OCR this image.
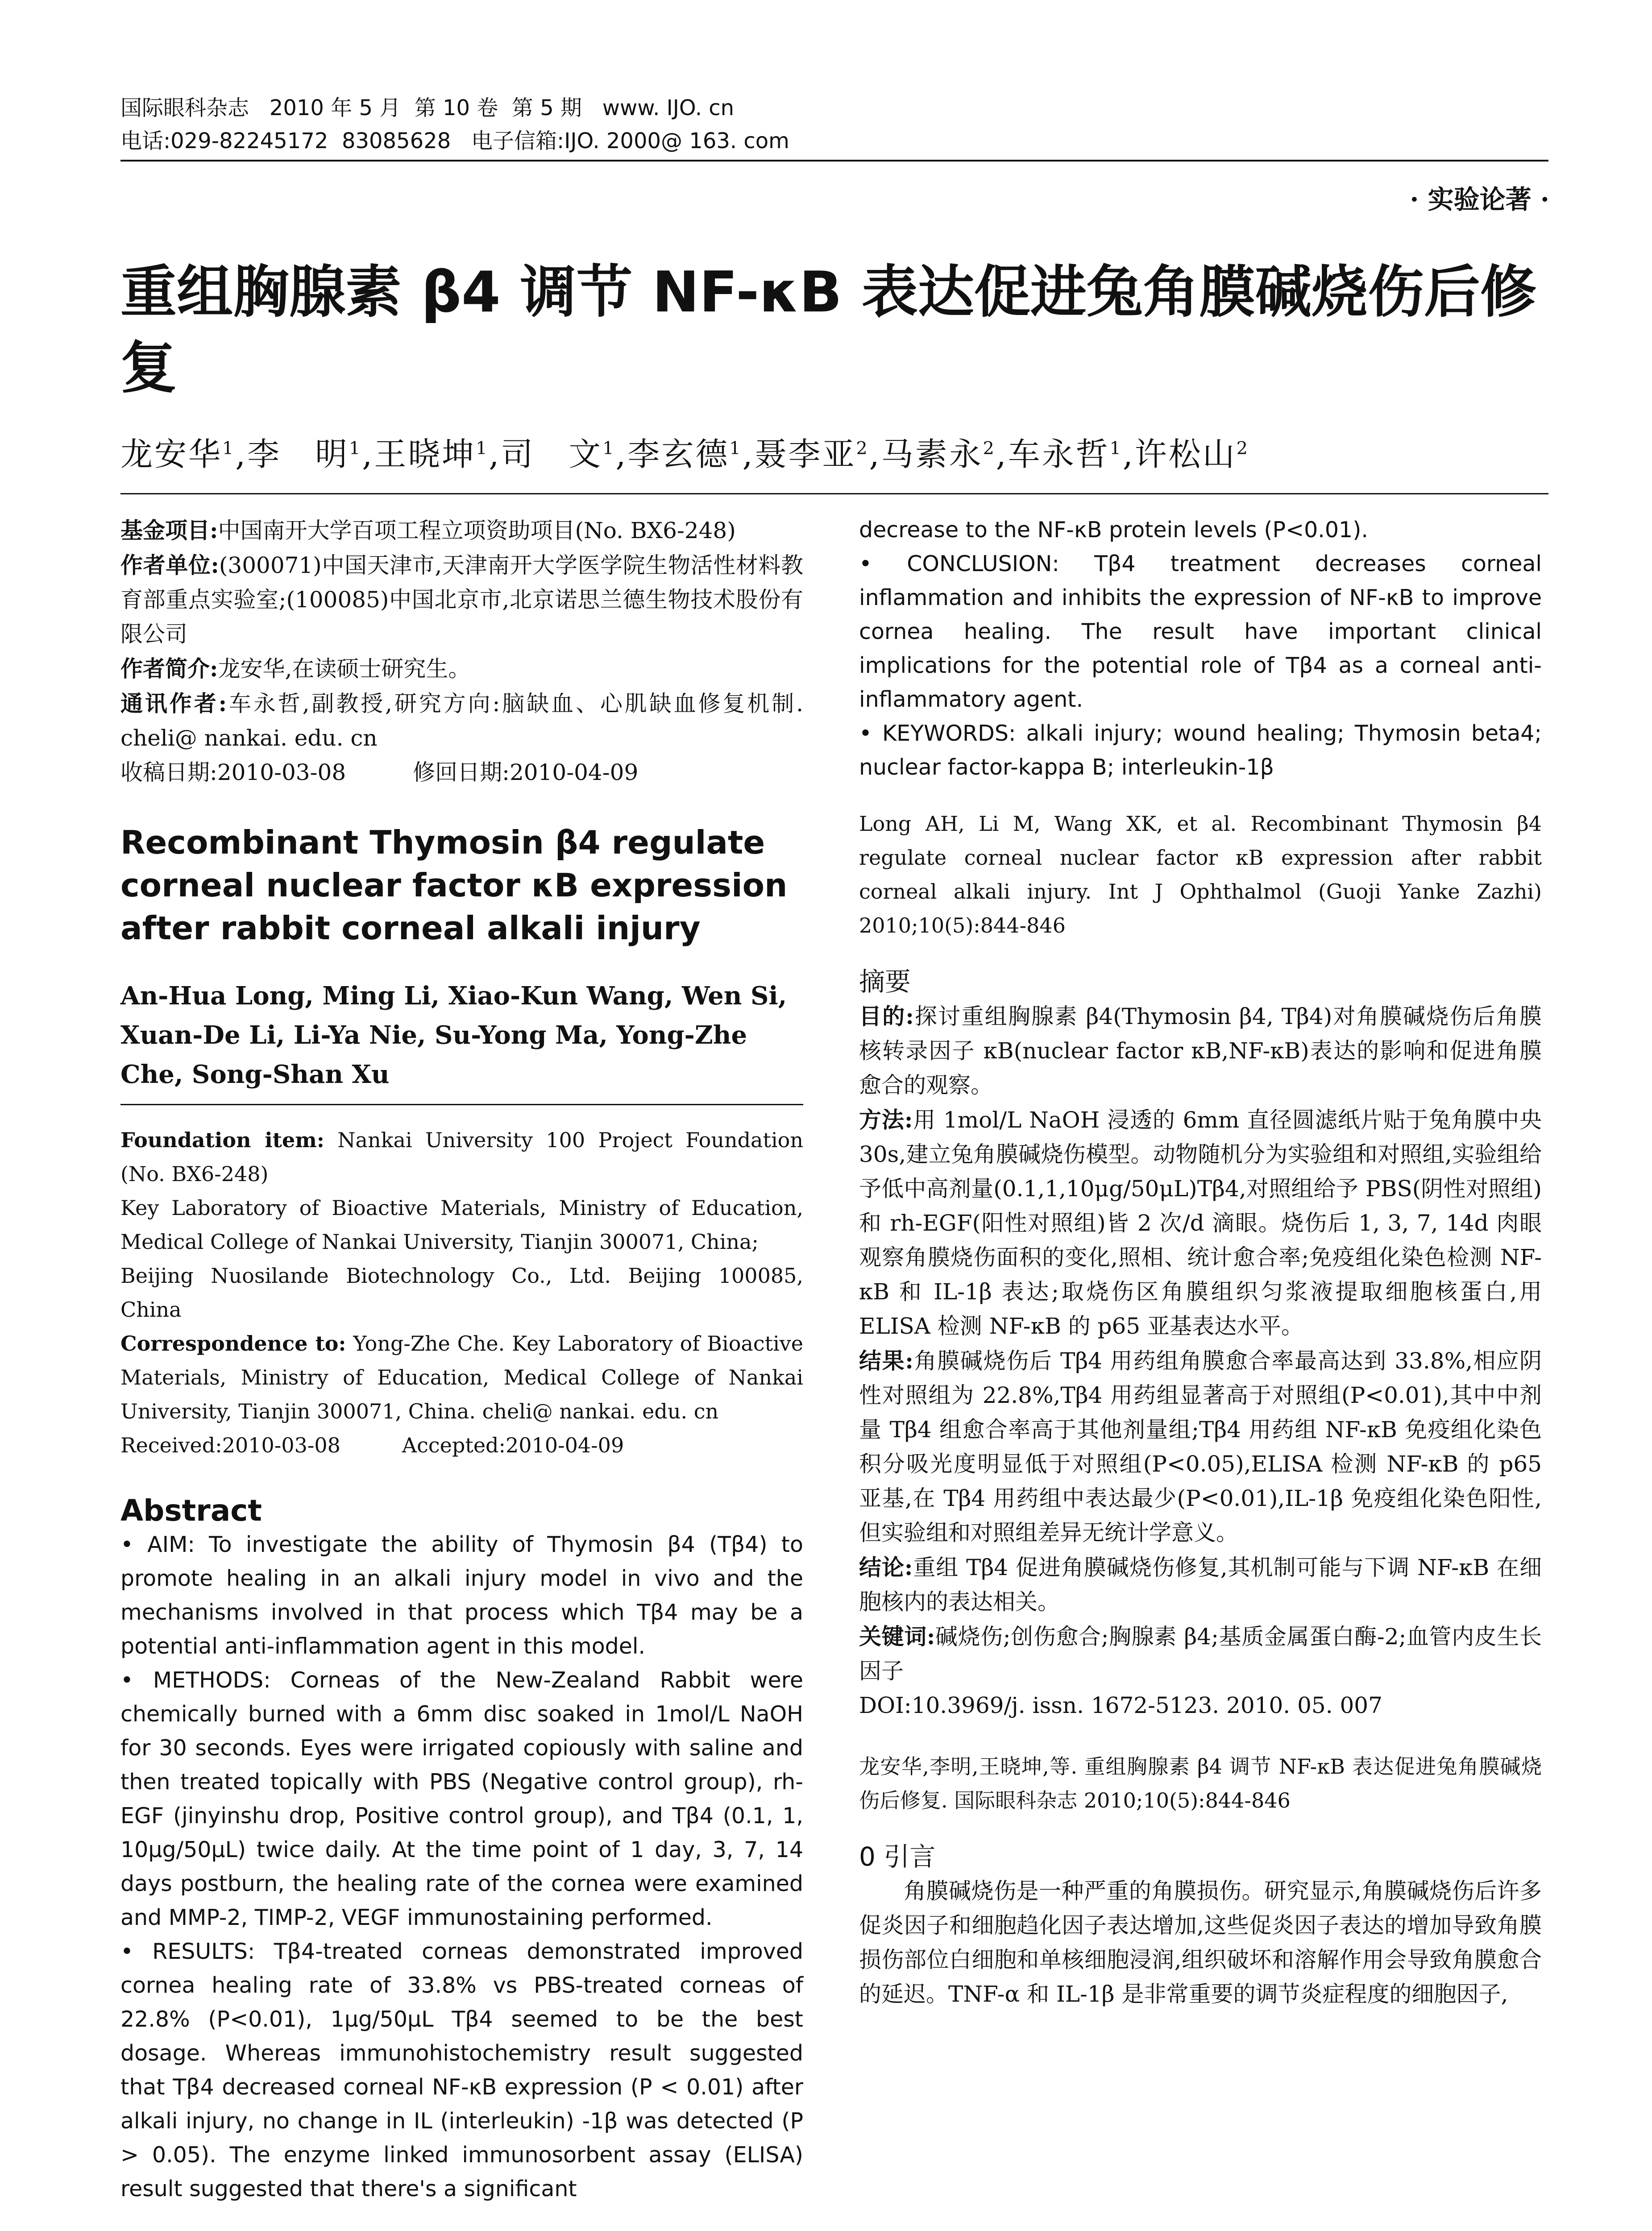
国际眼科杂志   2010 年 5 月  第 10 卷  第 5 期   www. IJO. cn
电话:029-82245172  83085628   电子信箱:IJO. 2000@ 163. com
· 实验论著 ·
重组胸腺素 β4 调节 NF-κB 表达促进兔角膜碱烧伤后修复
龙安华$^1$,李　明$^1$,王晓坤$^1$,司　文$^1$,李玄德$^1$,聂李亚$^2$,马素永$^2$,车永哲$^1$,许松山$^2$

基金项目:中国南开大学百项工程立项资助项目(No. BX6-248)

作者单位:(300071)中国天津市,天津南开大学医学院生物活性材料教育部重点实验室;(100085)中国北京市,北京诺思兰德生物技术股份有限公司

作者简介:龙安华,在读硕士研究生。

通讯作者:车永哲,副教授,研究方向:脑缺血、心肌缺血修复机制. cheli@ nankai. edu. cn

收稿日期:2010-03-08　　　修回日期:2010-04-09

Recombinant Thymosin β4 regulate corneal nuclear factor κB expression after rabbit corneal alkali injury

An-Hua Long, Ming Li, Xiao-Kun Wang, Wen Si, Xuan-De Li, Li-Ya Nie, Su-Yong Ma, Yong-Zhe Che, Song-Shan Xu

Foundation item: Nankai University 100 Project Foundation (No. BX6-248)

Key Laboratory of Bioactive Materials, Ministry of Education, Medical College of Nankai University, Tianjin 300071, China;

Beijing Nuosilande Biotechnology Co., Ltd. Beijing 100085, China

Correspondence to: Yong-Zhe Che. Key Laboratory of Bioactive Materials, Ministry of Education, Medical College of Nankai University, Tianjin 300071, China. cheli@ nankai. edu. cn

Received:2010-03-08　　　Accepted:2010-04-09

Abstract

• AIM: To investigate the ability of Thymosin β4 (Tβ4) to promote healing in an alkali injury model in vivo and the mechanisms involved in that process which Tβ4 may be a potential anti-inflammation agent in this model.

• METHODS: Corneas of the New-Zealand Rabbit were chemically burned with a 6mm disc soaked in 1mol/L NaOH for 30 seconds. Eyes were irrigated copiously with saline and then treated topically with PBS (Negative control group), rh-EGF (jinyinshu drop, Positive control group), and Tβ4 (0.1, 1, 10μg/50μL) twice daily. At the time point of 1 day, 3, 7, 14 days postburn, the healing rate of the cornea were examined and MMP-2, TIMP-2, VEGF immunostaining performed.

• RESULTS: Tβ4-treated corneas demonstrated improved cornea healing rate of 33.8% vs PBS-treated corneas of 22.8% (P<0.01), 1μg/50μL Tβ4 seemed to be the best dosage. Whereas immunohistochemistry result suggested that Tβ4 decreased corneal NF-κB expression (P < 0.01) after alkali injury, no change in IL (interleukin) -1β was detected (P > 0.05). The enzyme linked immunosorbent assay (ELISA) result suggested that there's a significant

decrease to the NF-κB protein levels (P<0.01).

• CONCLUSION: Tβ4 treatment decreases corneal inflammation and inhibits the expression of NF-κB to improve cornea healing. The result have important clinical implications for the potential role of Tβ4 as a corneal anti-inflammatory agent.

• KEYWORDS: alkali injury; wound healing; Thymosin beta4; nuclear factor-kappa B; interleukin-1β

Long AH, Li M, Wang XK, et al. Recombinant Thymosin β4 regulate corneal nuclear factor κB expression after rabbit corneal alkali injury. Int J Ophthalmol (Guoji Yanke Zazhi) 2010;10(5):844-846

摘要

目的:探讨重组胸腺素 β4(Thymosin β4, Tβ4)对角膜碱烧伤后角膜核转录因子 κB(nuclear factor κB,NF-κB)表达的影响和促进角膜愈合的观察。

方法:用 1mol/L NaOH 浸透的 6mm 直径圆滤纸片贴于兔角膜中央 30s,建立兔角膜碱烧伤模型。动物随机分为实验组和对照组,实验组给予低中高剂量(0.1,1,10μg/50μL)Tβ4,对照组给予 PBS(阴性对照组)和 rh-EGF(阳性对照组)皆 2 次/d 滴眼。烧伤后 1, 3, 7, 14d 肉眼观察角膜烧伤面积的变化,照相、统计愈合率;免疫组化染色检测 NF-κB 和 IL-1β 表达;取烧伤区角膜组织匀浆液提取细胞核蛋白,用 ELISA 检测 NF-κB 的 p65 亚基表达水平。

结果:角膜碱烧伤后 Tβ4 用药组角膜愈合率最高达到 33.8%,相应阴性对照组为 22.8%,Tβ4 用药组显著高于对照组(P<0.01),其中中剂量 Tβ4 组愈合率高于其他剂量组;Tβ4 用药组 NF-κB 免疫组化染色积分吸光度明显低于对照组(P<0.05),ELISA 检测 NF-κB 的 p65 亚基,在 Tβ4 用药组中表达最少(P<0.01),IL-1β 免疫组化染色阳性,但实验组和对照组差异无统计学意义。

结论:重组 Tβ4 促进角膜碱烧伤修复,其机制可能与下调 NF-κB 在细胞核内的表达相关。

关键词:碱烧伤;创伤愈合;胸腺素 β4;基质金属蛋白酶-2;血管内皮生长因子

DOI:10.3969/j. issn. 1672-5123. 2010. 05. 007

龙安华,李明,王晓坤,等. 重组胸腺素 β4 调节 NF-κB 表达促进兔角膜碱烧伤后修复. 国际眼科杂志 2010;10(5):844-846

0 引言

角膜碱烧伤是一种严重的角膜损伤。研究显示,角膜碱烧伤后许多促炎因子和细胞趋化因子表达增加,这些促炎因子表达的增加导致角膜损伤部位白细胞和单核细胞浸润,组织破坏和溶解作用会导致角膜愈合的延迟。TNF-α 和 IL-1β 是非常重要的调节炎症程度的细胞因子,
